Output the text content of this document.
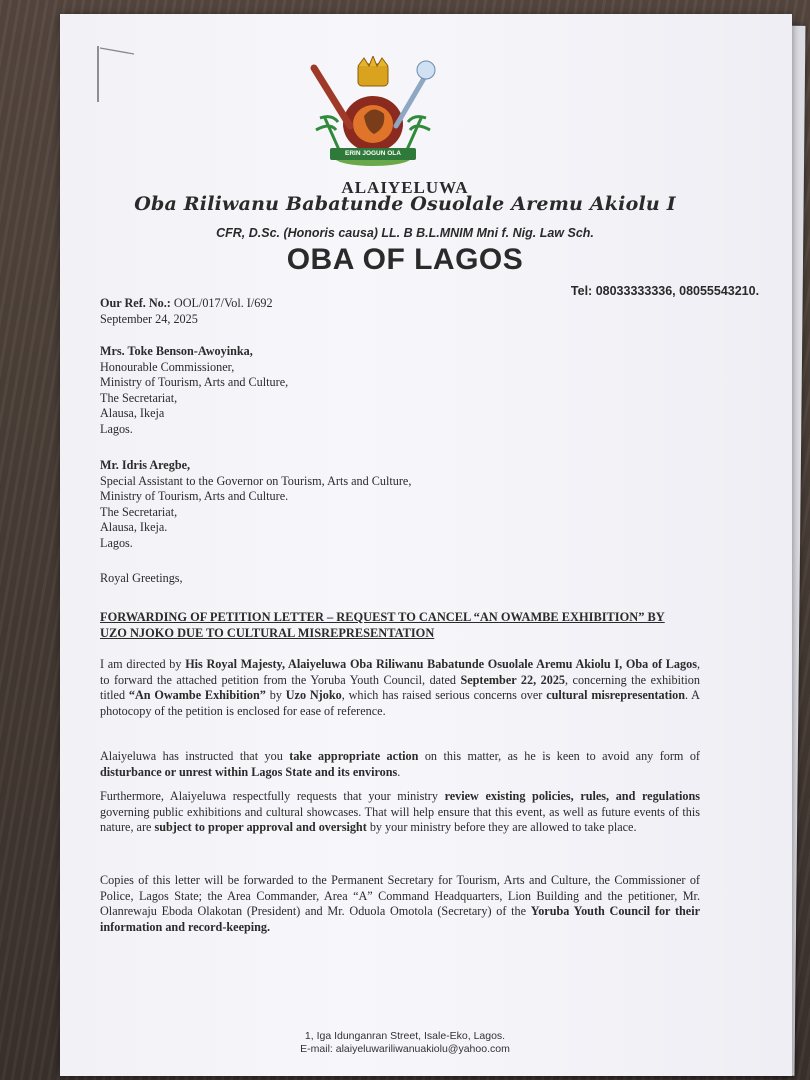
ERIN JOGUN OLA
ALAIYELUWA
Oba Riliwanu Babatunde Osuolale Aremu Akiolu I
CFR, D.Sc. (Honoris causa) LL. B B.L.MNIM Mni f. Nig. Law Sch.
OBA OF LAGOS
Tel: 08033333336, 08055543210.
Our Ref. No.: OOL/017/Vol. I/692
September 24, 2025
Mrs. Toke Benson-Awoyinka,
Honourable Commissioner,
Ministry of Tourism, Arts and Culture,
The Secretariat,
Alausa, Ikeja
Lagos.
Mr. Idris Aregbe,
Special Assistant to the Governor on Tourism, Arts and Culture,
Ministry of Tourism, Arts and Culture.
The Secretariat,
Alausa, Ikeja.
Lagos.
Royal Greetings,
FORWARDING OF PETITION LETTER – REQUEST TO CANCEL “AN OWAMBE EXHIBITION” BY UZO NJOKO DUE TO CULTURAL MISREPRESENTATION
I am directed by His Royal Majesty, Alaiyeluwa Oba Riliwanu Babatunde Osuolale Aremu Akiolu I, Oba of Lagos, to forward the attached petition from the Yoruba Youth Council, dated September 22, 2025, concerning the exhibition titled “An Owambe Exhibition” by Uzo Njoko, which has raised serious concerns over cultural misrepresentation. A photocopy of the petition is enclosed for ease of reference.
Alaiyeluwa has instructed that you take appropriate action on this matter, as he is keen to avoid any form of disturbance or unrest within Lagos State and its environs.
Furthermore, Alaiyeluwa respectfully requests that your ministry review existing policies, rules, and regulations governing public exhibitions and cultural showcases. That will help ensure that this event, as well as future events of this nature, are subject to proper approval and oversight by your ministry before they are allowed to take place.
Copies of this letter will be forwarded to the Permanent Secretary for Tourism, Arts and Culture, the Commissioner of Police, Lagos State; the Area Commander, Area “A” Command Headquarters, Lion Building and the petitioner, Mr. Olanrewaju Eboda Olakotan (President) and Mr. Oduola Omotola (Secretary) of the Yoruba Youth Council for their information and record-keeping.
1, Iga Idunganran Street, Isale-Eko, Lagos.
E-mail: alaiyeluwariliwanuakiolu@yahoo.com
